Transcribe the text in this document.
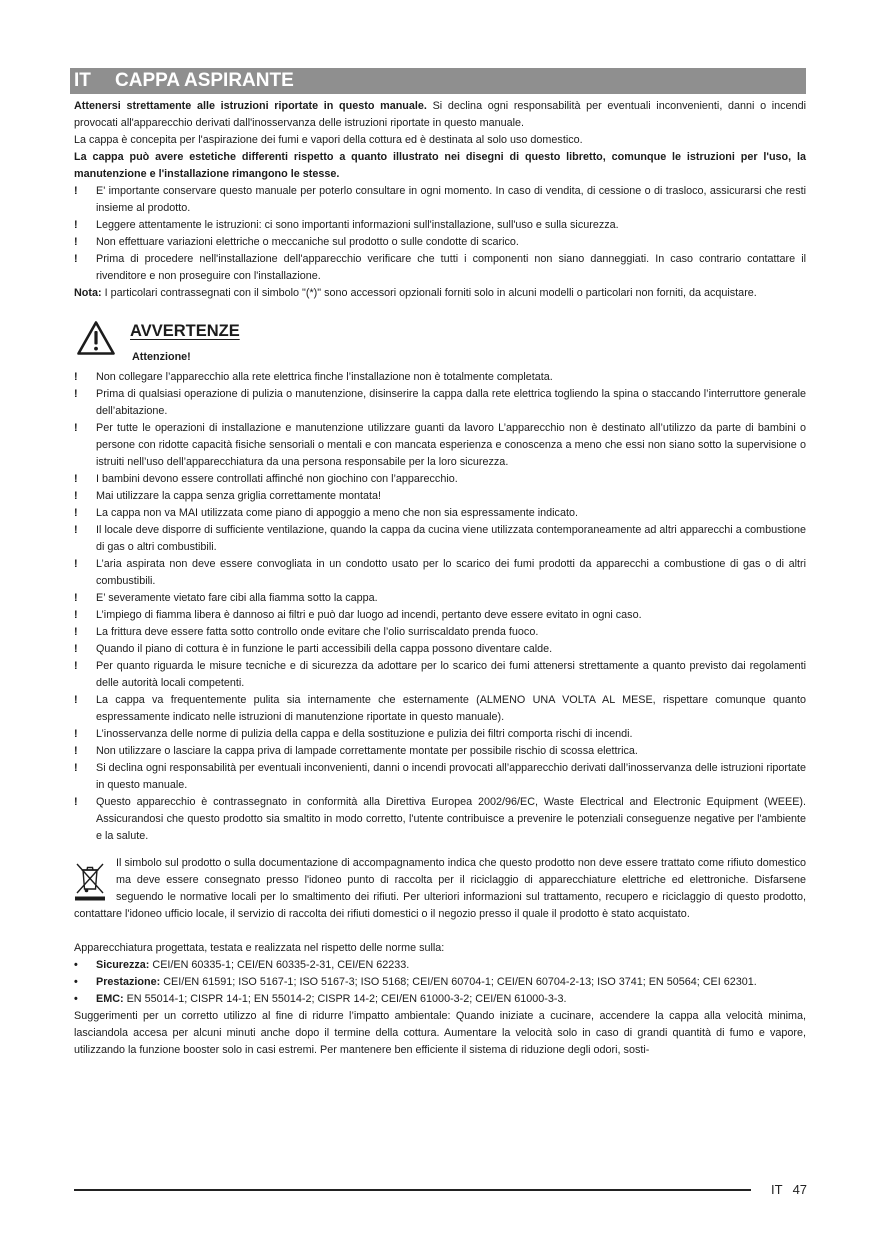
IT CAPPA ASPIRANTE

Attenersi strettamente alle istruzioni riportate in questo manuale. Si declina ogni responsabilità per eventuali inconvenienti, danni o incendi provocati all'apparecchio derivati dall'inosservanza delle istruzioni riportate in questo manuale.

La cappa è concepita per l'aspirazione dei fumi e vapori della cottura ed è destinata al solo uso domestico.

La cappa può avere estetiche differenti rispetto a quanto illustrato nei disegni di questo libretto, comunque le istruzioni per l'uso, la manutenzione e l'installazione rimangono le stesse.

! E' importante conservare questo manuale per poterlo consultare in ogni momento. In caso di vendita, di cessione o di trasloco, assicurarsi che resti insieme al prodotto.
! Leggere attentamente le istruzioni: ci sono importanti informazioni sull'installazione, sull'uso e sulla sicurezza.
! Non effettuare variazioni elettriche o meccaniche sul prodotto o sulle condotte di scarico.
! Prima di procedere nell'installazione dell'apparecchio verificare che tutti i componenti non siano danneggiati. In caso contrario contattare il rivenditore e non proseguire con l'installazione.

Nota: I particolari contrassegnati con il simbolo "(*)" sono accessori opzionali forniti solo in alcuni modelli o particolari non forniti, da acquistare.

AVVERTENZE
Attenzione!
! Non collegare l’apparecchio alla rete elettrica finche l’installazione non è totalmente completata.
! Prima di qualsiasi operazione di pulizia o manutenzione, disinserire la cappa dalla rete elettrica togliendo la spina o staccando l’interruttore generale dell’abitazione.
! Per tutte le operazioni di installazione e manutenzione utilizzare guanti da lavoro L’apparecchio non è destinato all’utilizzo da parte di bambini o persone con ridotte capacità fisiche sensoriali o mentali e con mancata esperienza e conoscenza a meno che essi non siano sotto la supervisione o istruiti nell’uso dell’apparecchiatura da una persona responsabile per la loro sicurezza.
! I bambini devono essere controllati affinché non giochino con l’apparecchio.
! Mai utilizzare la cappa senza griglia correttamente montata!
! La cappa non va MAI utilizzata come piano di appoggio a meno che non sia espressamente indicato.
! Il locale deve disporre di sufficiente ventilazione, quando la cappa da cucina viene utilizzata contemporaneamente ad altri apparecchi a combustione di gas o altri combustibili.
! L’aria aspirata non deve essere convogliata in un condotto usato per lo scarico dei fumi prodotti da apparecchi a combustione di gas o di altri combustibili.
! E’ severamente vietato fare cibi alla fiamma sotto la cappa.
! L’impiego di fiamma libera è dannoso ai filtri e può dar luogo ad incendi, pertanto deve essere evitato in ogni caso.
! La frittura deve essere fatta sotto controllo onde evitare che l’olio surriscaldato prenda fuoco.
! Quando il piano di cottura è in funzione le parti accessibili della cappa possono diventare calde.
! Per quanto riguarda le misure tecniche e di sicurezza da adottare per lo scarico dei fumi attenersi strettamente a quanto previsto dai regolamenti delle autorità locali competenti.
! La cappa va frequentemente pulita sia internamente che esternamente (ALMENO UNA VOLTA AL MESE, rispettare comunque quanto espressamente indicato nelle istruzioni di manutenzione riportate in questo manuale).
! L’inosservanza delle norme di pulizia della cappa e della sostituzione e pulizia dei filtri comporta rischi di incendi.
! Non utilizzare o lasciare la cappa priva di lampade correttamente montate per possibile rischio di scossa elettrica.
! Si declina ogni responsabilità per eventuali inconvenienti, danni o incendi provocati all’apparecchio derivati dall’inosservanza delle istruzioni riportate in questo manuale.
! Questo apparecchio è contrassegnato in conformità alla Direttiva Europea 2002/96/EC, Waste Electrical and Electronic Equipment (WEEE). Assicurandosi che questo prodotto sia smaltito in modo corretto, l'utente contribuisce a prevenire le potenziali conseguenze negative per l'ambiente e la salute.
Il simbolo sul prodotto o sulla documentazione di accompagnamento indica che questo prodotto non deve essere trattato come rifiuto domestico ma deve essere consegnato presso l'idoneo punto di raccolta per il riciclaggio di apparecchiature elettriche ed elettroniche. Disfarsene seguendo le normative locali per lo smaltimento dei rifiuti. Per ulteriori informazioni sul trattamento, recupero e riciclaggio di questo prodotto, contattare l'idoneo ufficio locale, il servizio di raccolta dei rifiuti domestici o il negozio presso il quale il prodotto è stato acquistato.

Apparecchiatura progettata, testata e realizzata nel rispetto delle norme sulla:

• Sicurezza: CEI/EN 60335-1; CEI/EN 60335-2-31, CEI/EN 62233.
• Prestazione: CEI/EN 61591; ISO 5167-1; ISO 5167-3; ISO 5168; CEI/EN 60704-1; CEI/EN 60704-2-13; ISO 3741; EN 50564; CEI 62301.
• EMC: EN 55014-1; CISPR 14-1; EN 55014-2; CISPR 14-2; CEI/EN 61000-3-2; CEI/EN 61000-3-3.

Suggerimenti per un corretto utilizzo al fine di ridurre l’impatto ambientale: Quando iniziate a cucinare, accendere la cappa alla velocità minima, lasciandola accesa per alcuni minuti anche dopo il termine della cottura. Aumentare la velocità solo in caso di grandi quantità di fumo e vapore, utilizzando la funzione booster solo in casi estremi. Per mantenere ben efficiente il sistema di riduzione degli odori, sosti-

IT 47
